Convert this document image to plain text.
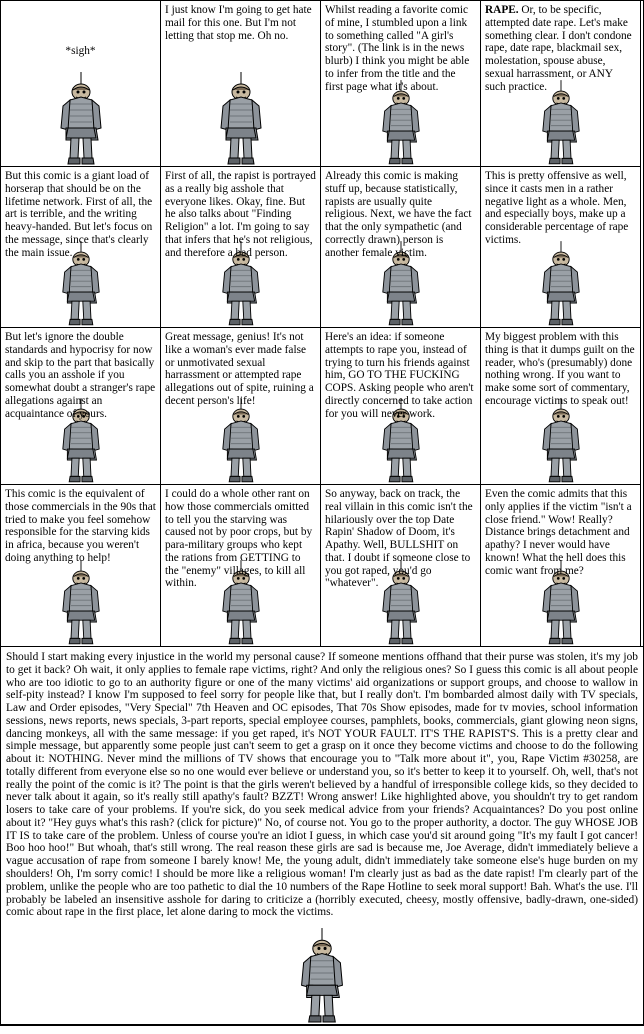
*sigh*
I just know I'm going to get hate mail for this one. But I'm not letting that stop me. Oh no.
Whilst reading a favorite comic of mine, I stumbled upon a link to something called "A girl's story". (The link is in the news blurb) I think you might be able to infer from the title and the first page what it's about.
RAPE. Or, to be specific, attempted date rape. Let's make something clear. I don't condone rape, date rape, blackmail sex, molestation, spouse abuse, sexual harrassment, or ANY such practice.
But this comic is a giant load of horserap that should be on the lifetime network. First of all, the art is terrible, and the writing heavy-handed. But let's focus on the message, since that's clearly the main issue.
First of all, the rapist is portrayed as a really big asshole that everyone likes. Okay, fine. But he also talks about "Finding Religion" a lot. I'm going to say that infers that he's not religious, and therefore a bad person.
Already this comic is making stuff up, because statistically, rapists are usually quite religious. Next, we have the fact that the only sympathetic (and correctly drawn) person is another female victim.
This is pretty offensive as well, since it casts men in a rather negative light as a whole. Men, and especially boys, make up a considerable percentage of rape victims.
But let's ignore the double standards and hypocrisy for now and skip to the part that basically calls you an asshole if you somewhat doubt a stranger's rape allegations against an acquaintance of yours.
Great message, genius! It's not like a woman's ever made false or unmotivated sexual harrassment or attempted rape allegations out of spite, ruining a decent person's life!
Here's an idea: if someone attempts to rape you, instead of trying to turn his friends against him, GO TO THE FUCKING COPS. Asking people who aren't directly concerned to take action for you will never work.
My biggest problem with this thing is that it dumps guilt on the reader, who's (presumably) done nothing wrong. If you want to make some sort of commentary, encourage victims to speak out!
This comic is the equivalent of those commercials in the 90s that tried to make you feel somehow responsible for the starving kids in africa, because you weren't doing anything to help!
I could do a whole other rant on how those commercials omitted to tell you the starving was caused not by poor crops, but by para-military groups who kept the rations from GETTING to the "enemy" villages, to kill all within.
So anyway, back on track, the real villain in this comic isn't the hilariously over the top Date Rapin' Shadow of Doom, it's Apathy. Well, BULLSHIT on that. I doubt if someone close to you got raped, you'd go "whatever".
Even the comic admits that this only applies if the victim "isn't a close friend." Wow! Really? Distance brings detachment and apathy? I never would have known! What the hell does this comic want from me?
Should I start making every injustice in the world my personal cause? If someone mentions offhand that their purse was stolen, it's my job to get it back? Oh wait, it only applies to female rape victims, right? And only the religious ones? So I guess this comic is all about people who are too idiotic to go to an authority figure or one of the many victims' aid organizations or support groups, and choose to wallow in self-pity instead? I know I'm supposed to feel sorry for people like that, but I really don't. I'm bombarded almost daily with TV specials, Law and Order episodes, "Very Special" 7th Heaven and OC episodes, That 70s Show episodes, made for tv movies, school information sessions, news reports, news specials, 3-part reports, special employee courses, pamphlets, books, commercials, giant glowing neon signs, dancing monkeys, all with the same message: if you get raped, it's NOT YOUR FAULT. IT'S THE RAPIST'S. This is a pretty clear and simple message, but apparently some people just can't seem to get a grasp on it once they become victims and choose to do the following about it: NOTHING. Never mind the millions of TV shows that encourage you to "Talk more about it", you, Rape Victim #30258, are totally different from everyone else so no one would ever believe or understand you, so it's better to keep it to yourself. Oh, well, that's not really the point of the comic is it? The point is that the girls weren't believed by a handful of irresponsible college kids, so they decided to never talk about it again, so it's really still apathy's fault? BZZT! Wrong answer! Like highlighted above, you shouldn't try to get random losers to take care of your problems. If you're sick, do you seek medical advice from your friends? Acquaintances? Do you post online about it? "Hey guys what's this rash? (click for picture)" No, of course not. You go to the proper authority, a doctor. The guy WHOSE JOB IT IS to take care of the problem. Unless of course you're an idiot I guess, in which case you'd sit around going "It's my fault I got cancer! Boo hoo hoo!" But whoah, that's still wrong. The real reason these girls are sad is because me, Joe Average, didn't immediately believe a vague accusation of rape from someone I barely know! Me, the young adult, didn't immediately take someone else's huge burden on my shoulders! Oh, I'm sorry comic! I should be more like a religious woman! I'm clearly just as bad as the date rapist! I'm clearly part of the problem, unlike the people who are too pathetic to dial the 10 numbers of the Rape Hotline to seek moral support! Bah. What's the use. I'll probably be labeled an insensitive asshole for daring to criticize a (horribly executed, cheesy, mostly offensive, badly-drawn, one-sided) comic about rape in the first place, let alone daring to mock the victims.
